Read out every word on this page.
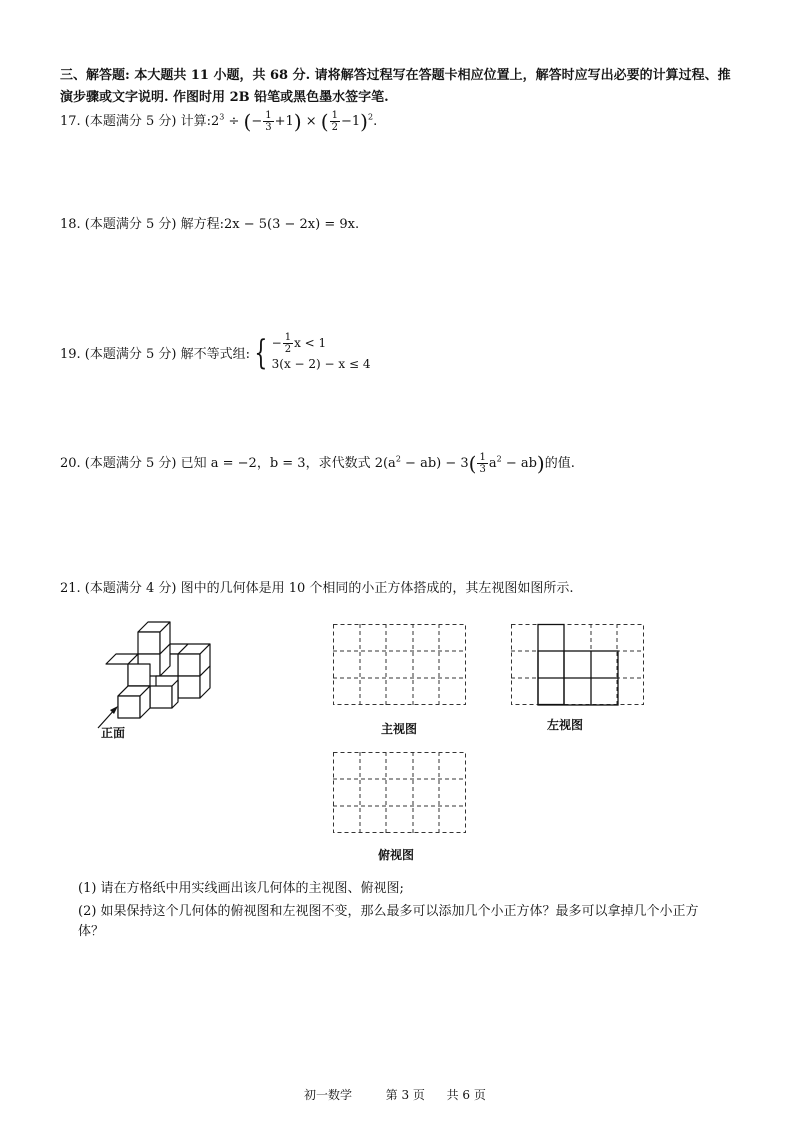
三、解答题: 本大题共 11 小题，共 68 分. 请将解答过程写在答题卡相应位置上，解答时应写出必要的计算过程、推
演步骤或文字说明. 作图时用 2B 铅笔或黑色墨水签字笔.
17. (本题满分 5 分) 计算$:2^3$ ÷ (− $\frac{1}{3} +1$) × ( $\frac{1}{2} -1)^2$.
18. (本题满分 5 分) 解方程:2x − 5(3 − 2x) = 9x.
19. (本题满分 5 分) 解不等式组: { − $\frac{1}{2}$ x < 1
3(x − 2) − x ≤ 4
20. (本题满分 5 分) 已知 a = −2，b = 3，求代数式 $2(a^2 - ab) - 3( \frac{1}{3} a^2 - ab)$的值.
21. (本题满分 4 分) 图中的几何体是用 10 个相同的小正方体搭成的，其左视图如图所示.
正面	主视图	左视图
俯视图
(1) 请在方格纸中用实线画出该几何体的主视图、俯视图;
(2) 如果保持这个几何体的俯视图和左视图不变，那么最多可以添加几个小正方体？最多可以拿掉几个小正方
体？
初一数学	第 3 页 共 6 页
